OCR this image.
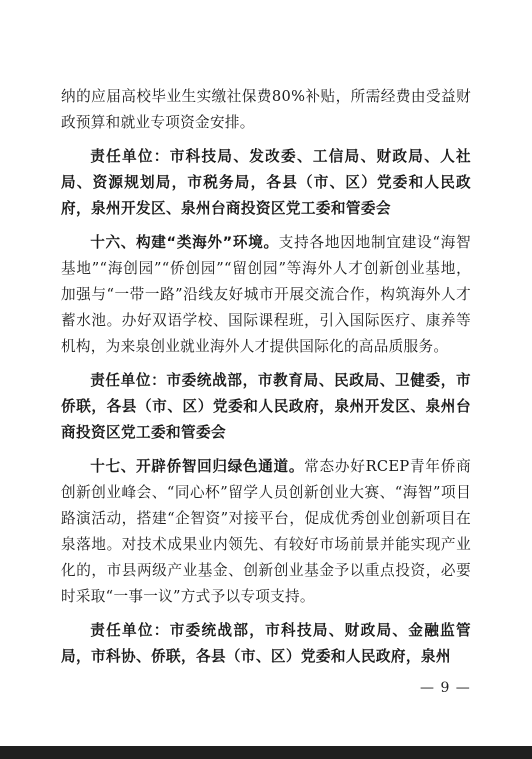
纳的应届高校毕业生实缴社保费80%补贴，所需经费由受益财政预算和就业专项资金安排。

责任单位：市科技局、发改委、工信局、财政局、人社局、资源规划局，市税务局，各县（市、区）党委和人民政府，泉州开发区、泉州台商投资区党工委和管委会

十六、构建“类海外”环境。支持各地因地制宜建设“海智基地”“海创园”“侨创园”“留创园”等海外人才创新创业基地，加强与“一带一路”沿线友好城市开展交流合作，构筑海外人才蓄水池。办好双语学校、国际课程班，引入国际医疗、康养等机构，为来泉创业就业海外人才提供国际化的高品质服务。

责任单位：市委统战部，市教育局、民政局、卫健委，市侨联，各县（市、区）党委和人民政府，泉州开发区、泉州台商投资区党工委和管委会

十七、开辟侨智回归绿色通道。常态办好RCEP青年侨商创新创业峰会、“同心杯”留学人员创新创业大赛、“海智”项目路演活动，搭建“企智资”对接平台，促成优秀创业创新项目在泉落地。对技术成果业内领先、有较好市场前景并能实现产业化的，市县两级产业基金、创新创业基金予以重点投资，必要时采取“一事一议”方式予以专项支持。

责任单位：市委统战部，市科技局、财政局、金融监管局，市科协、侨联，各县（市、区）党委和人民政府，泉州

— 9 —
